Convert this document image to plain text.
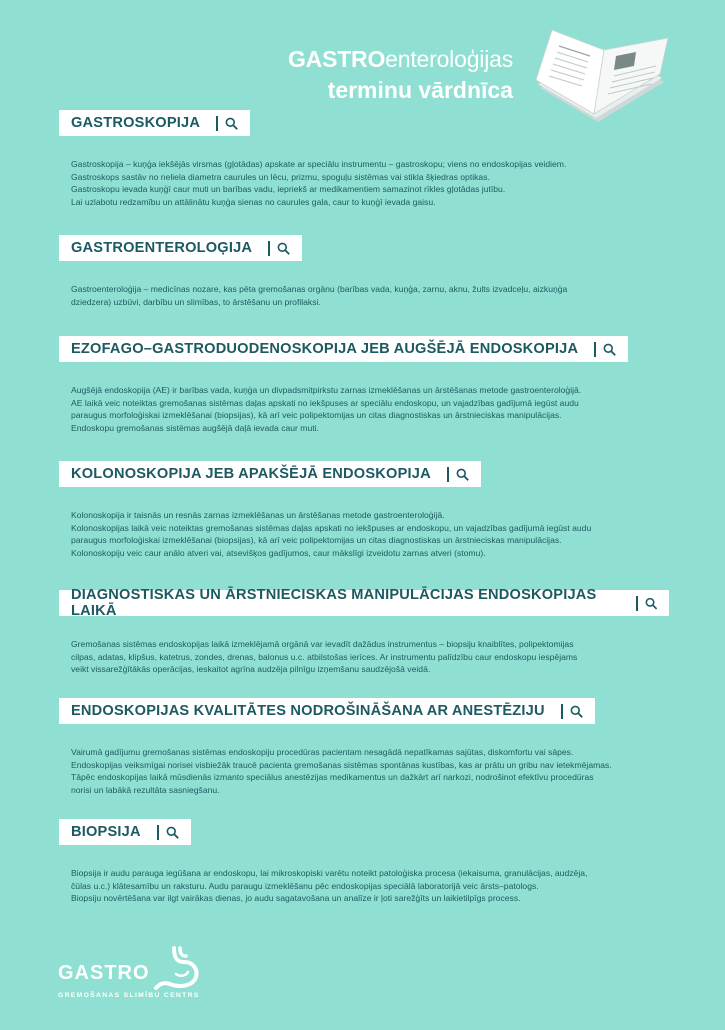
GASTROenteroloģijas
terminu vārdnīca
GASTROSKOPIJA

Gastroskopija – kuņģa iekšējās virsmas (gļotādas) apskate ar speciālu instrumentu – gastroskopu; viens no endoskopijas veidiem.

Gastroskops sastāv no neliela diametra caurules un lēcu, prizmu, spoguļu sistēmas vai stikla šķiedras optikas.

Gastroskopu ievada kuņģī caur muti un barības vadu, iepriekš ar medikamentiem samazinot rīkles gļotādas jutību.

Lai uzlabotu redzamību un attālinātu kuņģa sienas no caurules gala, caur to kuņģī ievada gaisu.

GASTROENTEROLOĢIJA

Gastroenteroloģija – medicīnas nozare, kas pēta gremošanas orgānu (barības vada, kuņģa, zarnu, aknu, žults izvadceļu, aizkuņģa

dziedzera) uzbūvi, darbību un slimības, to ārstēšanu un profilaksi.

EZOFAGO–GASTRODUODENOSKOPIJA JEB AUGŠĒJĀ ENDOSKOPIJA

Augšējā endoskopija (AE) ir barības vada, kuņģa un divpadsmitpirkstu zarnas izmeklēšanas un ārstēšanas metode gastroenteroloģijā.

AE laikā veic noteiktas gremošanas sistēmas daļas apskati no iekšpuses ar speciālu endoskopu, un vajadzības gadījumā iegūst audu

paraugus morfoloģiskai izmeklēšanai (biopsijas), kā arī veic polipektomijas un citas diagnostiskas un ārstnieciskas manipulācijas.

Endoskopu gremošanas sistēmas augšējā daļā ievada caur muti.

KOLONOSKOPIJA JEB APAKŠĒJĀ ENDOSKOPIJA

Kolonoskopija ir taisnās un resnās zarnas izmeklēšanas un ārstēšanas metode gastroenteroloģijā.

Kolonoskopijas laikā veic noteiktas gremošanas sistēmas daļas apskati no iekšpuses ar endoskopu, un vajadzības gadījumā iegūst audu

paraugus morfoloģiskai izmeklēšanai (biopsijas), kā arī veic polipektomijas un citas diagnostiskas un ārstnieciskas manipulācijas.

Kolonoskopiju veic caur anālo atveri vai, atsevišķos gadījumos, caur mākslīgi izveidotu zarnas atveri (stomu).

DIAGNOSTISKAS UN ĀRSTNIECISKAS MANIPULĀCIJAS ENDOSKOPIJAS LAIKĀ

Gremošanas sistēmas endoskopijas laikā izmeklējamā orgānā var ievadīt dažādus instrumentus – biopsiju knaiblītes, polipektomijas

cilpas, adatas, klipšus, katetrus, zondes, drenas, balonus u.c. atbilstošas ierīces. Ar instrumentu palīdzību caur endoskopu iespējams

veikt vissarežģītākās operācijas, ieskaitot agrīna audzēja pilnīgu izņemšanu saudzējošā veidā.

ENDOSKOPIJAS KVALITĀTES NODROŠINĀŠANA AR ANESTĒZIJU

Vairumā gadījumu gremošanas sistēmas endoskopiju procedūras pacientam nesagādā nepatīkamas sajūtas, diskomfortu vai sāpes.

Endoskopijas veiksmīgai norisei visbiežāk traucē pacienta gremošanas sistēmas spontānas kustības, kas ar prātu un gribu nav ietekmējamas.

Tāpēc endoskopijas laikā mūsdienās izmanto speciālus anestēzijas medikamentus un dažkārt arī narkozi, nodrošinot efektīvu procedūras

norisi un labākā rezultāta sasniegšanu.

BIOPSIJA

Biopsija ir audu parauga iegūšana ar endoskopu, lai mikroskopiski varētu noteikt patoloģiska procesa (iekaisuma, granulācijas, audzēja,

čūlas u.c.) klātesamību un raksturu. Audu paraugu izmeklēšanu pēc endoskopijas speciālā laboratorijā veic ārsts–patologs.

Biopsiju novērtēšana var ilgt vairākas dienas, jo audu sagatavošana un analīze ir ļoti sarežģīts un laikietilpīgs process.

GASTRO
GREMOŠANAS SLIMĪBU CENTRS
